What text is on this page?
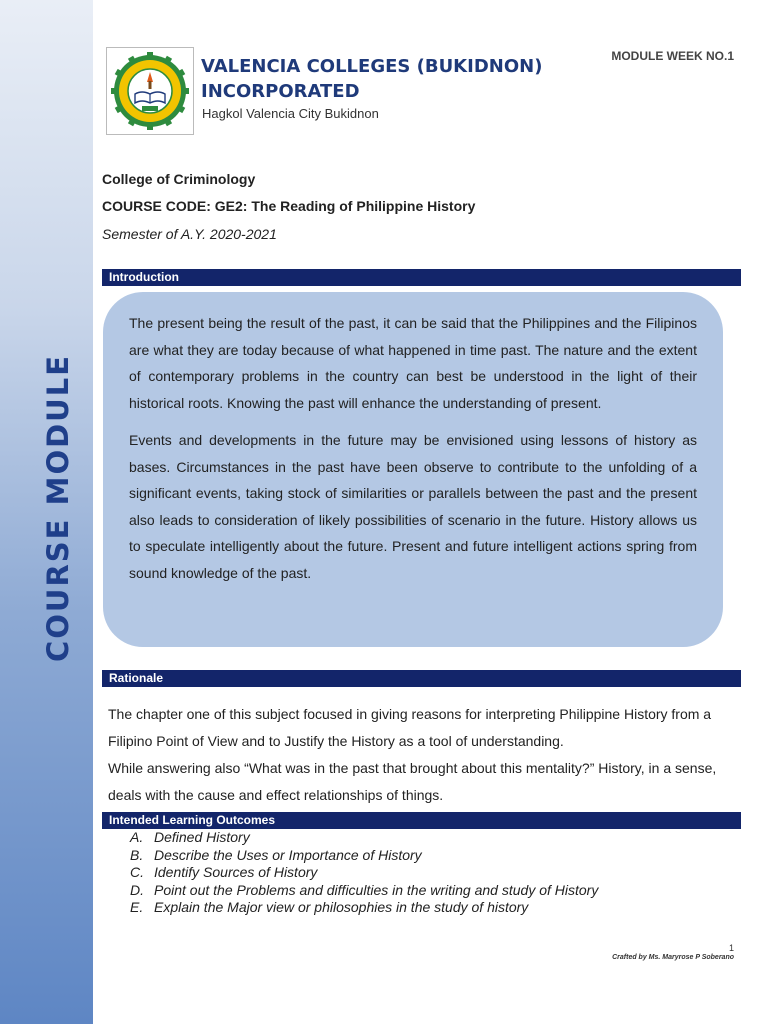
COURSE MODULE
VALENCIA COLLEGES (BUKIDNON) INCORPORATED
Hagkol Valencia City Bukidnon
MODULE WEEK NO.1
College of Criminology
COURSE CODE: GE2: The Reading of Philippine History
Semester of A.Y. 2020-2021
Introduction

The present being the result of the past, it can be said that the Philippines and the Filipinos are what they are today because of what happened in time past. The nature and the extent of contemporary problems in the country can best be understood in the light of their historical roots. Knowing the past will enhance the understanding of present.

Events and developments in the future may be envisioned using lessons of history as bases. Circumstances in the past have been observe to contribute to the unfolding of a significant events, taking stock of similarities or parallels between the past and the present also leads to consideration of likely possibilities of scenario in the future. History allows us to speculate intelligently about the future. Present and future intelligent actions spring from sound knowledge of the past.

Rationale

The chapter one of this subject focused in giving reasons for interpreting Philippine History from a Filipino Point of View and to Justify the History as a tool of understanding.

While answering also “What was in the past that brought about this mentality?” History, in a sense, deals with the cause and effect relationships of things.

Intended Learning Outcomes
A. Defined History
B. Describe the Uses or Importance of History
C. Identify Sources of History
D. Point out the Problems and difficulties in the writing and study of History
E. Explain the Major view or philosophies in the study of history
1
Crafted by Ms. Maryrose P Soberano
